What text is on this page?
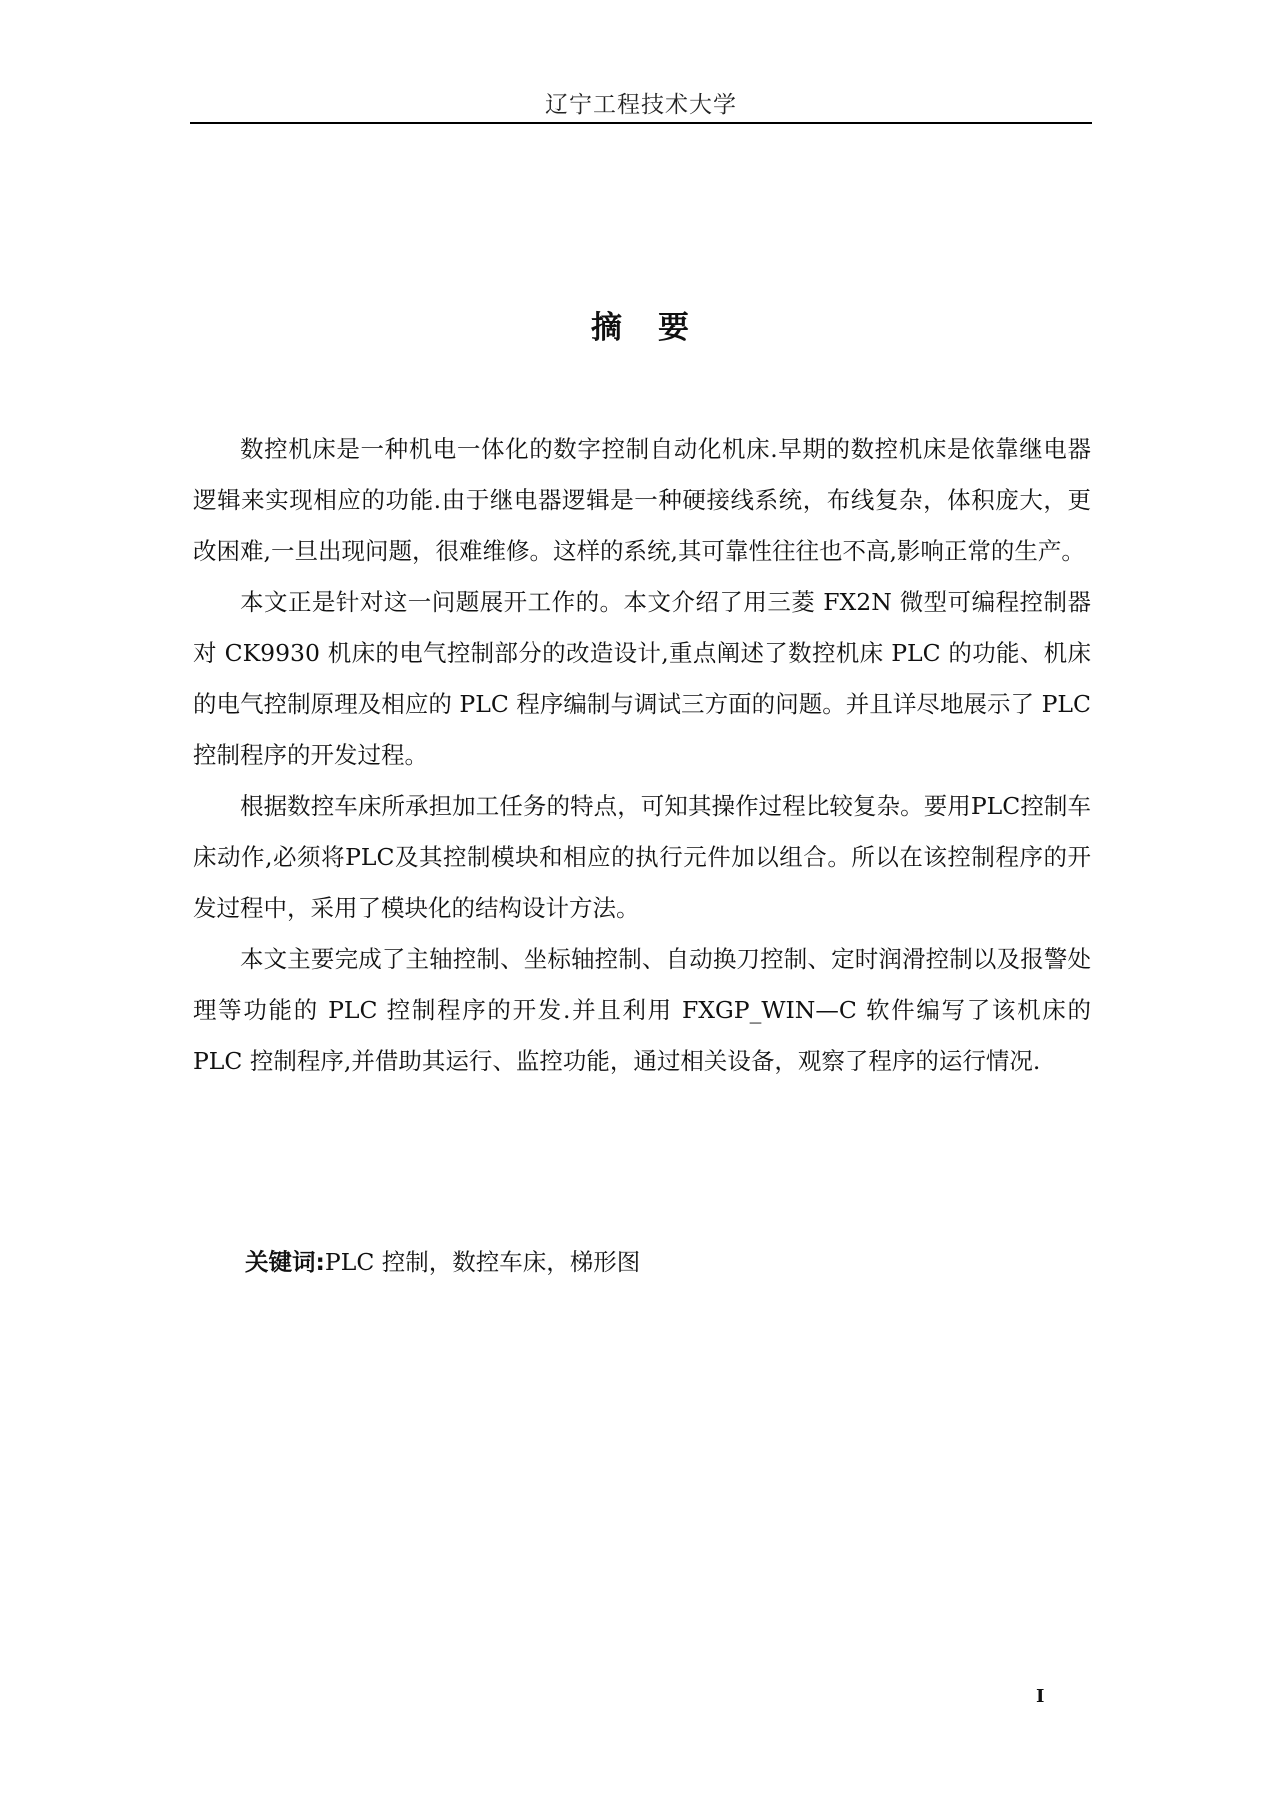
辽宁工程技术大学
摘 要

数控机床是一种机电一体化的数字控制自动化机床.早期的数控机床是依靠继电器逻辑来实现相应的功能.由于继电器逻辑是一种硬接线系统，布线复杂，体积庞大，更改困难,一旦出现问题，很难维修。这样的系统,其可靠性往往也不高,影响正常的生产。

本文正是针对这一问题展开工作的。本文介绍了用三菱 FX2N 微型可编程控制器对 CK9930 机床的电气控制部分的改造设计,重点阐述了数控机床 PLC 的功能、机床的电气控制原理及相应的 PLC 程序编制与调试三方面的问题。并且详尽地展示了 PLC 控制程序的开发过程。

根据数控车床所承担加工任务的特点，可知其操作过程比较复杂。要用PLC控制车床动作,必须将PLC及其控制模块和相应的执行元件加以组合。所以在该控制程序的开发过程中，采用了模块化的结构设计方法。

本文主要完成了主轴控制、坐标轴控制、自动换刀控制、定时润滑控制以及报警处理等功能的 PLC 控制程序的开发.并且利用 FXGP_WIN—C 软件编写了该机床的 PLC 控制程序,并借助其运行、监控功能，通过相关设备，观察了程序的运行情况.

关键词:PLC 控制，数控车床，梯形图
I
